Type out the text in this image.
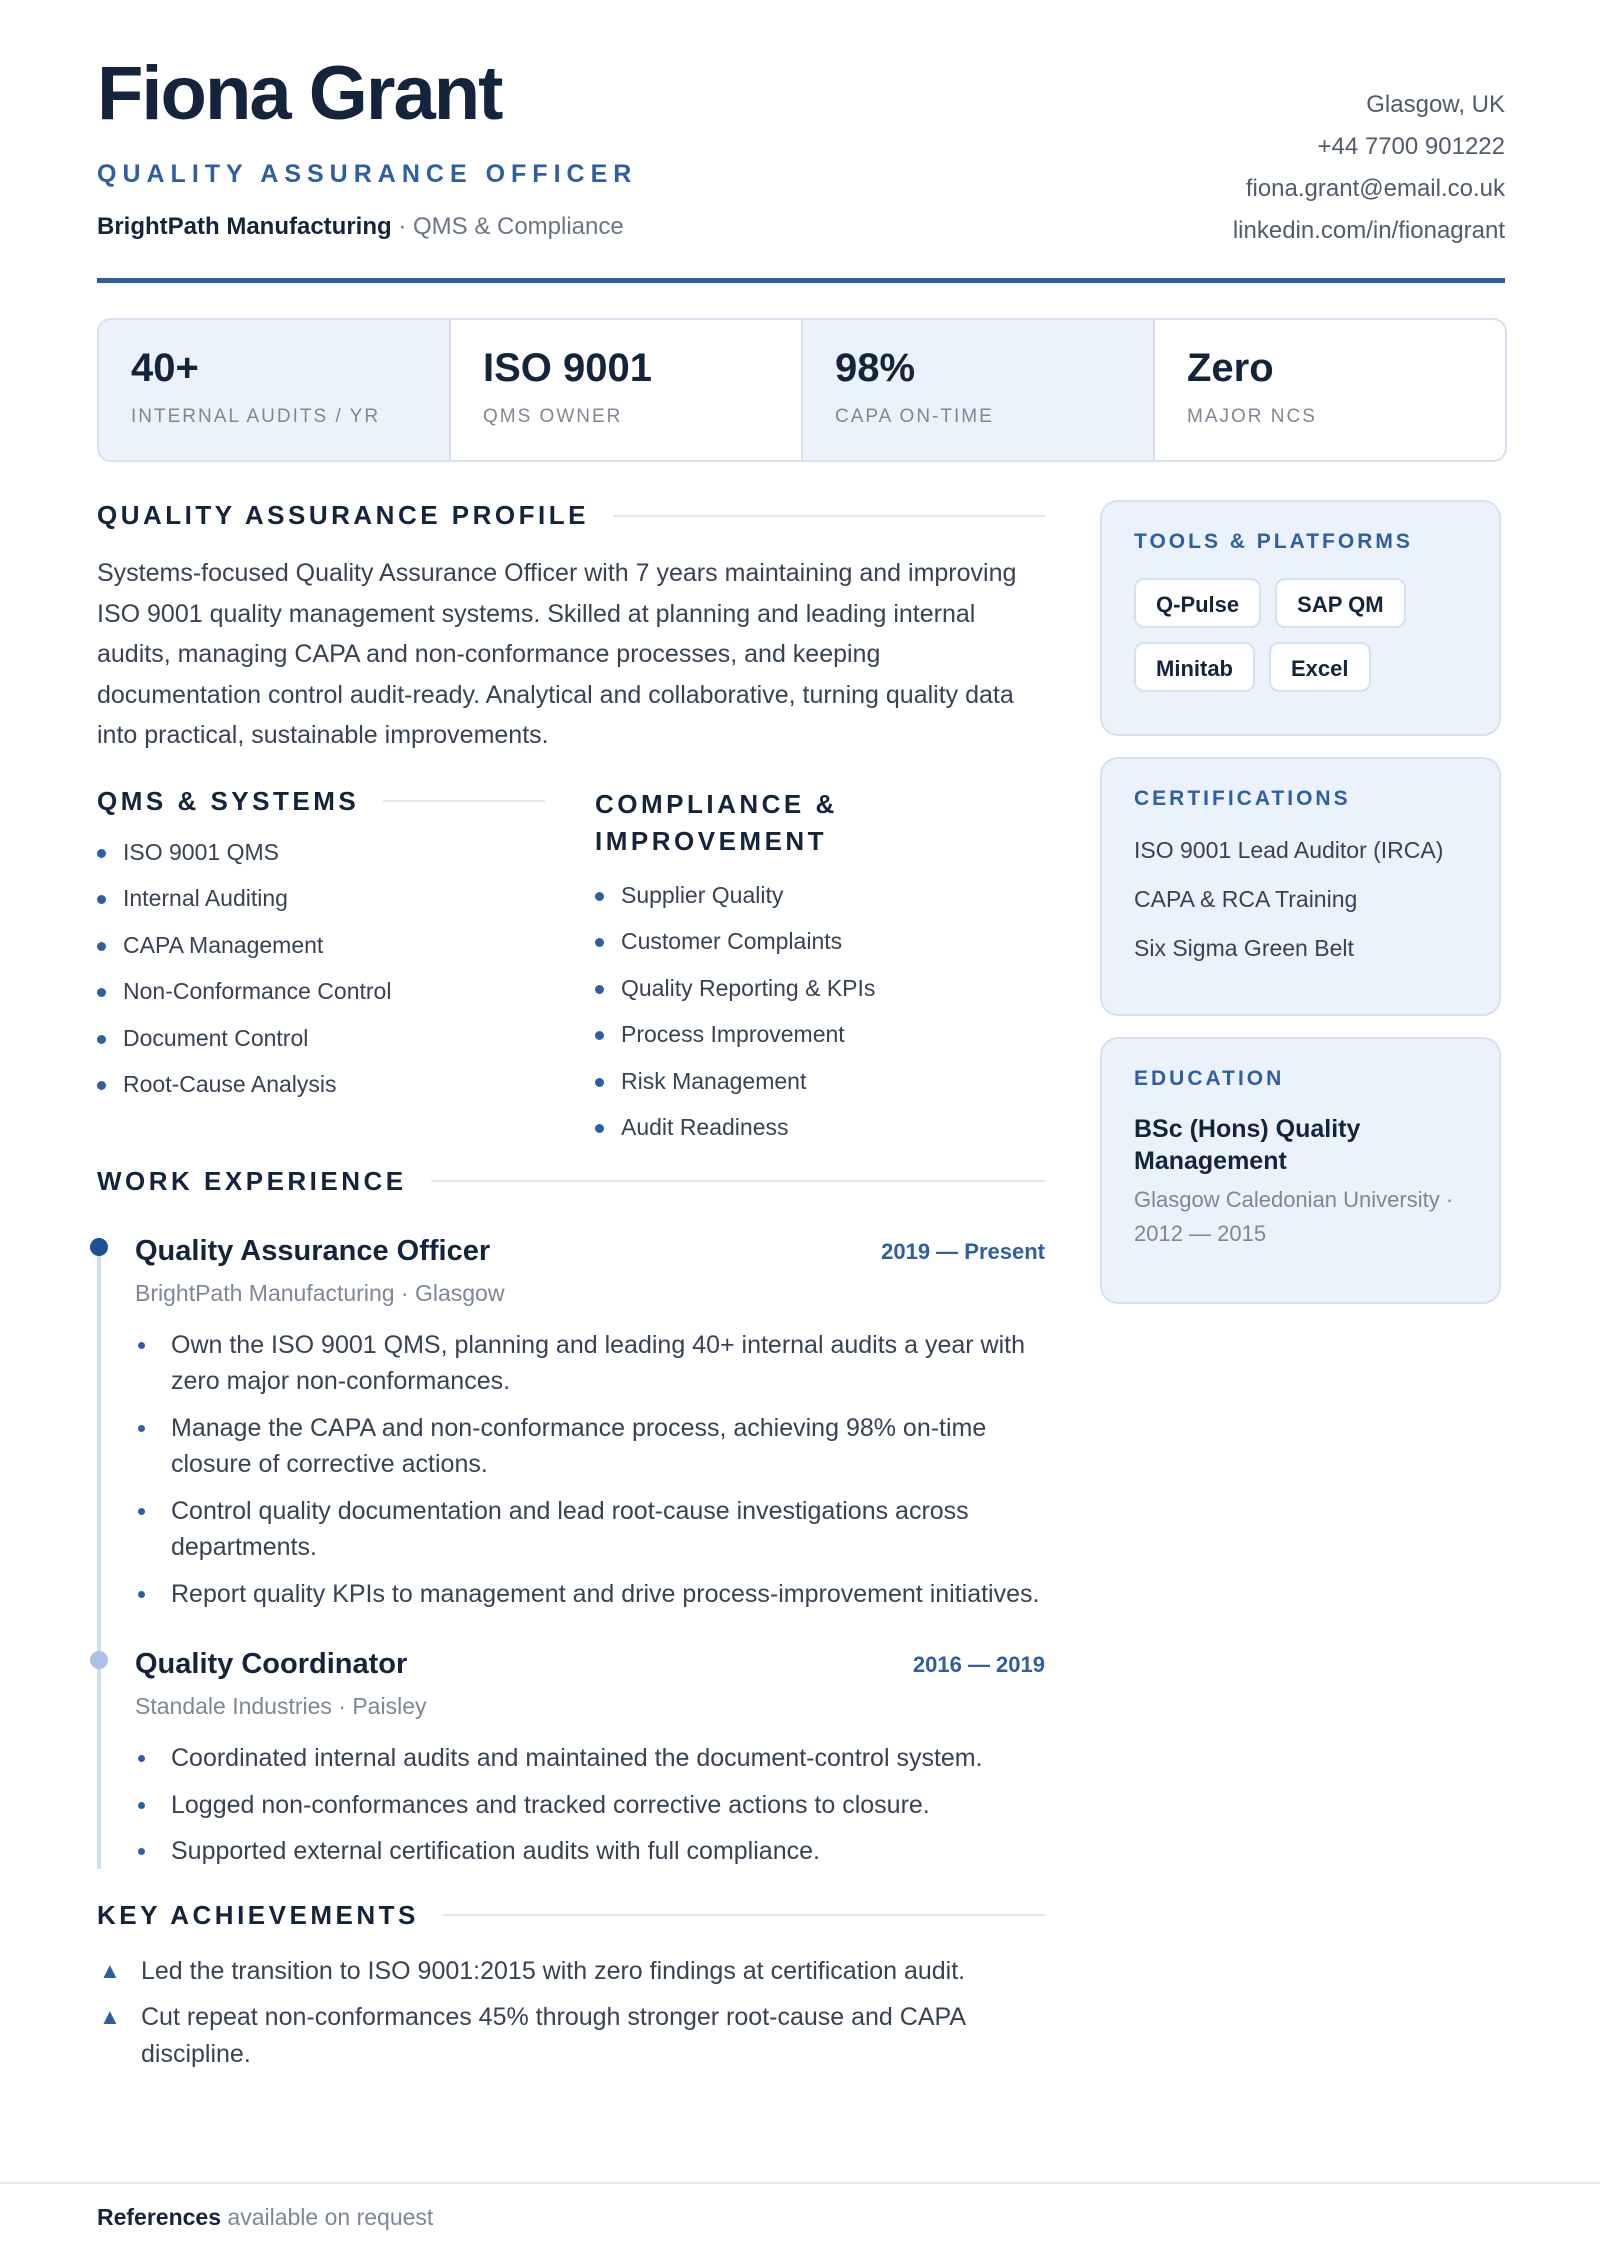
Fiona Grant
QUALITY ASSURANCE OFFICER
BrightPath Manufacturing · QMS & Compliance
Glasgow, UK
+44 7700 901222
fiona.grant@email.co.uk
linkedin.com/in/fionagrant
40+
INTERNAL AUDITS / YR
ISO 9001
QMS OWNER
98%
CAPA ON-TIME
Zero
MAJOR NCS
QUALITY ASSURANCE PROFILE

Systems-focused Quality Assurance Officer with 7 years maintaining and improving ISO 9001 quality management systems. Skilled at planning and leading internal audits, managing CAPA and non-conformance processes, and keeping documentation control audit-ready. Analytical and collaborative, turning quality data into practical, sustainable improvements.

QMS & SYSTEMS
ISO 9001 QMS
Internal Auditing
CAPA Management
Non-Conformance Control
Document Control
Root-Cause Analysis
COMPLIANCE & IMPROVEMENT
Supplier Quality
Customer Complaints
Quality Reporting & KPIs
Process Improvement
Risk Management
Audit Readiness
WORK EXPERIENCE
Quality Assurance Officer	2019 — Present
BrightPath Manufacturing · Glasgow
Own the ISO 9001 QMS, planning and leading 40+ internal audits a year with zero major non-conformances.
Manage the CAPA and non-conformance process, achieving 98% on-time closure of corrective actions.
Control quality documentation and lead root-cause investigations across departments.
Report quality KPIs to management and drive process-improvement initiatives.
Quality Coordinator	2016 — 2019
Standale Industries · Paisley
Coordinated internal audits and maintained the document-control system.
Logged non-conformances and tracked corrective actions to closure.
Supported external certification audits with full compliance.
KEY ACHIEVEMENTS
▲ Led the transition to ISO 9001:2015 with zero findings at certification audit.
▲ Cut repeat non-conformances 45% through stronger root-cause and CAPA discipline.
TOOLS & PLATFORMS
Q-Pulse	SAP QM
Minitab	Excel
CERTIFICATIONS
ISO 9001 Lead Auditor (IRCA)
CAPA & RCA Training
Six Sigma Green Belt
EDUCATION
BSc (Hons) Quality Management
Glasgow Caledonian University · 2012 — 2015
References available on request
